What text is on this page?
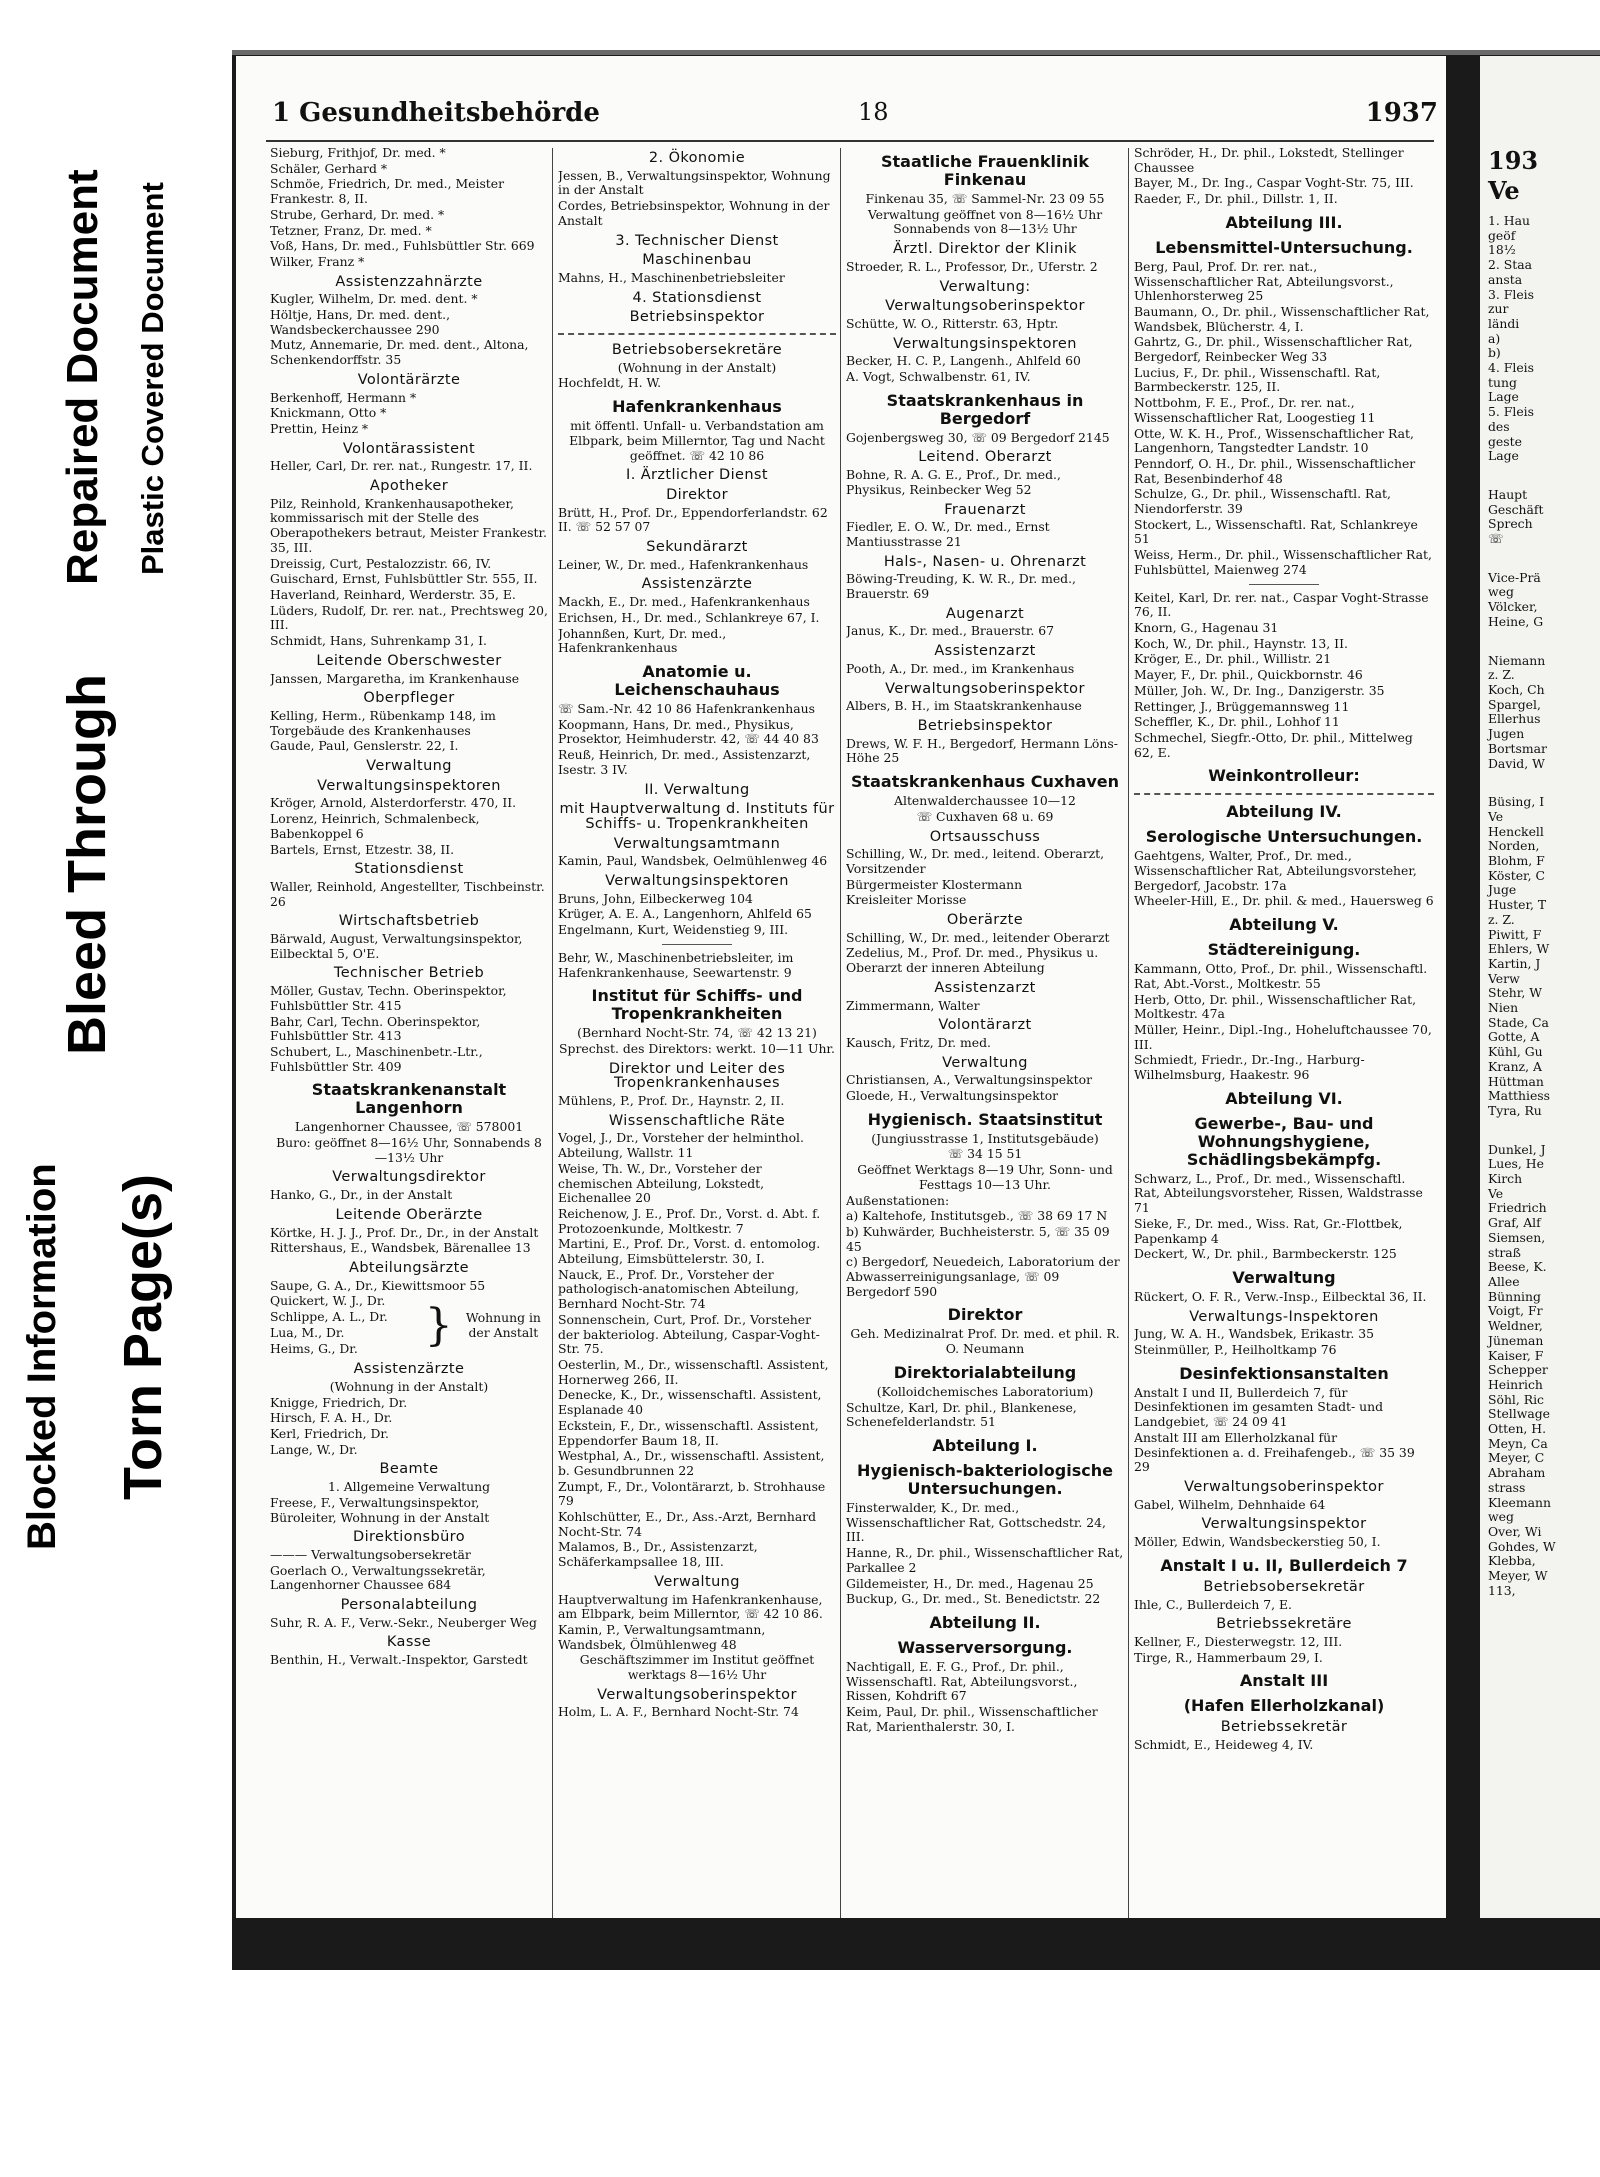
Blocked Information
Bleed Through
Repaired Document
Torn Page(s)
Plastic Covered Document
1 Gesundheitsbehörde	18	1937

Sieburg, Frithjof, Dr. med. *

Schäler, Gerhard *

Schmöe, Friedrich, Dr. med., Meister Frankestr. 8, II.

Strube, Gerhard, Dr. med. *

Tetzner, Franz, Dr. med. *

Voß, Hans, Dr. med., Fuhlsbüttler Str. 669

Wilker, Franz *

Assistenzzahnärzte

Kugler, Wilhelm, Dr. med. dent. *

Höltje, Hans, Dr. med. dent., Wandsbeckerchaussee 290

Mutz, Annemarie, Dr. med. dent., Altona, Schenkendorffstr. 35

Volontärärzte

Berkenhoff, Hermann *

Knickmann, Otto *

Prettin, Heinz *

Volontärassistent

Heller, Carl, Dr. rer. nat., Rungestr. 17, II.

Apotheker

Pilz, Reinhold, Krankenhausapotheker, kommissarisch mit der Stelle des Oberapothekers betraut, Meister Frankestr. 35, III.

Dreissig, Curt, Pestalozzistr. 66, IV.

Guischard, Ernst, Fuhlsbüttler Str. 555, II.

Haverland, Reinhard, Werderstr. 35, E.

Lüders, Rudolf, Dr. rer. nat., Prechtsweg 20, III.

Schmidt, Hans, Suhrenkamp 31, I.

Leitende Oberschwester

Janssen, Margaretha, im Krankenhause

Oberpfleger

Kelling, Herm., Rübenkamp 148, im Torgebäude des Krankenhauses

Gaude, Paul, Genslerstr. 22, I.

Verwaltung

Verwaltungsinspektoren

Kröger, Arnold, Alsterdorferstr. 470, II.

Lorenz, Heinrich, Schmalenbeck, Babenkoppel 6

Bartels, Ernst, Etzestr. 38, II.

Stationsdienst

Waller, Reinhold, Angestellter, Tischbeinstr. 26

Wirtschaftsbetrieb

Bärwald, August, Verwaltungsinspektor, Eilbecktal 5, O'E.

Technischer Betrieb

Möller, Gustav, Techn. Oberinspektor, Fuhlsbüttler Str. 415

Bahr, Carl, Techn. Oberinspektor, Fuhlsbüttler Str. 413

Schubert, L., Maschinenbetr.-Ltr., Fuhlsbüttler Str. 409

Staatskrankenanstalt Langenhorn

Langenhorner Chaussee, ☏ 578001

Buro: geöffnet 8—16½ Uhr, Sonnabends 8—13½ Uhr

Verwaltungsdirektor

Hanko, G., Dr., in der Anstalt

Leitende Oberärzte

Körtke, H. J. J., Prof. Dr., Dr., in der Anstalt

Rittershaus, E., Wandsbek, Bärenallee 13

Abteilungsärzte

Saupe, G. A., Dr., Kiewittsmoor 55

Quickert, W. J., Dr.

Schlippe, A. L., Dr.

Lua, M., Dr.

Heims, G., Dr.	}	Wohnung in der Anstalt

Assistenzärzte

(Wohnung in der Anstalt)

Knigge, Friedrich, Dr.

Hirsch, F. A. H., Dr.

Kerl, Friedrich, Dr.

Lange, W., Dr.

Beamte

1. Allgemeine Verwaltung

Freese, F., Verwaltungsinspektor, Büroleiter, Wohnung in der Anstalt

Direktionsbüro

——— Verwaltungsobersekretär

Goerlach O., Verwaltungssekretär, Langenhorner Chaussee 684

Personalabteilung

Suhr, R. A. F., Verw.-Sekr., Neuberger Weg

Kasse

Benthin, H., Verwalt.-Inspektor, Garstedt

2. Ökonomie

Jessen, B., Verwaltungsinspektor, Wohnung in der Anstalt

Cordes, Betriebsinspektor, Wohnung in der Anstalt

3. Technischer Dienst

Maschinenbau

Mahns, H., Maschinenbetriebsleiter

4. Stationsdienst

Betriebsinspektor

Betriebsobersekretäre

(Wohnung in der Anstalt)

Hochfeldt, H. W.

Hafenkrankenhaus

mit öffentl. Unfall- u. Verbandstation am Elbpark, beim Millerntor, Tag und Nacht geöffnet. ☏ 42 10 86

I. Ärztlicher Dienst

Direktor

Brütt, H., Prof. Dr., Eppendorferlandstr. 62 II. ☏ 52 57 07

Sekundärarzt

Leiner, W., Dr. med., Hafenkrankenhaus

Assistenzärzte

Mackh, E., Dr. med., Hafenkrankenhaus

Erichsen, H., Dr. med., Schlankreye 67, I.

Johannßen, Kurt, Dr. med., Hafenkrankenhaus

Anatomie u. Leichenschauhaus

☏ Sam.-Nr. 42 10 86 Hafenkrankenhaus

Koopmann, Hans, Dr. med., Physikus, Prosektor, Heimhuderstr. 42, ☏ 44 40 83

Reuß, Heinrich, Dr. med., Assistenzarzt, Isestr. 3 IV.

II. Verwaltung

mit Hauptverwaltung d. Instituts für Schiffs- u. Tropenkrankheiten

Verwaltungsamtmann

Kamin, Paul, Wandsbek, Oelmühlenweg 46

Verwaltungsinspektoren

Bruns, John, Eilbeckerweg 104

Krüger, A. E. A., Langenhorn, Ahlfeld 65

Engelmann, Kurt, Weidenstieg 9, III.

Behr, W., Maschinenbetriebsleiter, im Hafenkrankenhause, Seewartenstr. 9

Institut für Schiffs- und Tropenkrankheiten

(Bernhard Nocht-Str. 74, ☏ 42 13 21)

Sprechst. des Direktors: werkt. 10—11 Uhr.

Direktor und Leiter des Tropenkrankenhauses

Mühlens, P., Prof. Dr., Haynstr. 2, II.

Wissenschaftliche Räte

Vogel, J., Dr., Vorsteher der helminthol. Abteilung, Wallstr. 11

Weise, Th. W., Dr., Vorsteher der chemischen Abteilung, Lokstedt, Eichenallee 20

Reichenow, J. E., Prof. Dr., Vorst. d. Abt. f. Protozoenkunde, Moltkestr. 7

Martini, E., Prof. Dr., Vorst. d. entomolog. Abteilung, Eimsbüttelerstr. 30, I.

Nauck, E., Prof. Dr., Vorsteher der pathologisch-anatomischen Abteilung, Bernhard Nocht-Str. 74

Sonnenschein, Curt, Prof. Dr., Vorsteher der bakteriolog. Abteilung, Caspar-Voght-Str. 75.

Oesterlin, M., Dr., wissenschaftl. Assistent, Hornerweg 266, II.

Denecke, K., Dr., wissenschaftl. Assistent, Esplanade 40

Eckstein, F., Dr., wissenschaftl. Assistent, Eppendorfer Baum 18, II.

Westphal, A., Dr., wissenschaftl. Assistent, b. Gesundbrunnen 22

Zumpt, F., Dr., Volontärarzt, b. Strohhause 79

Kohlschütter, E., Dr., Ass.-Arzt, Bernhard Nocht-Str. 74

Malamos, B., Dr., Assistenzarzt, Schäferkampsallee 18, III.

Verwaltung

Hauptverwaltung im Hafenkrankenhause, am Elbpark, beim Millerntor, ☏ 42 10 86.

Kamin, P., Verwaltungsamtmann, Wandsbek, Ölmühlenweg 48

Geschäftszimmer im Institut geöffnet werktags 8—16½ Uhr

Verwaltungsoberinspektor

Holm, L. A. F., Bernhard Nocht-Str. 74

Staatliche Frauenklinik Finkenau

Finkenau 35, ☏ Sammel-Nr. 23 09 55

Verwaltung geöffnet von 8—16½ Uhr Sonnabends von 8—13½ Uhr

Ärztl. Direktor der Klinik

Stroeder, R. L., Professor, Dr., Uferstr. 2

Verwaltung:

Verwaltungsoberinspektor

Schütte, W. O., Ritterstr. 63, Hptr.

Verwaltungsinspektoren

Becker, H. C. P., Langenh., Ahlfeld 60

A. Vogt, Schwalbenstr. 61, IV.

Staatskrankenhaus in Bergedorf

Gojenbergsweg 30, ☏ 09 Bergedorf 2145

Leitend. Oberarzt

Bohne, R. A. G. E., Prof., Dr. med., Physikus, Reinbecker Weg 52

Frauenarzt

Fiedler, E. O. W., Dr. med., Ernst Mantiusstrasse 21

Hals-, Nasen- u. Ohrenarzt

Böwing-Treuding, K. W. R., Dr. med., Brauerstr. 69

Augenarzt

Janus, K., Dr. med., Brauerstr. 67

Assistenzarzt

Pooth, A., Dr. med., im Krankenhaus

Verwaltungsoberinspektor

Albers, B. H., im Staatskrankenhause

Betriebsinspektor

Drews, W. F. H., Bergedorf, Hermann Löns-Höhe 25

Staatskrankenhaus Cuxhaven

Altenwalderchaussee 10—12

☏ Cuxhaven 68 u. 69

Ortsausschuss

Schilling, W., Dr. med., leitend. Oberarzt, Vorsitzender

Bürgermeister Klostermann

Kreisleiter Morisse

Oberärzte

Schilling, W., Dr. med., leitender Oberarzt

Zedelius, M., Prof. Dr. med., Physikus u. Oberarzt der inneren Abteilung

Assistenzarzt

Zimmermann, Walter

Volontärarzt

Kausch, Fritz, Dr. med.

Verwaltung

Christiansen, A., Verwaltungsinspektor

Gloede, H., Verwaltungsinspektor

Hygienisch. Staatsinstitut

(Jungiusstrasse 1, Institutsgebäude)

☏ 34 15 51

Geöffnet Werktags 8—19 Uhr, Sonn- und Festtags 10—13 Uhr.

Außenstationen:

a) Kaltehofe, Institutsgeb., ☏ 38 69 17 N

b) Kuhwärder, Buchheisterstr. 5, ☏ 35 09 45

c) Bergedorf, Neuedeich, Laboratorium der Abwasserreinigungsanlage, ☏ 09 Bergedorf 590

Direktor

Geh. Medizinalrat Prof. Dr. med. et phil. R. O. Neumann

Direktorialabteilung

(Kolloidchemisches Laboratorium)

Schultze, Karl, Dr. phil., Blankenese, Schenefelderlandstr. 51

Abteilung I.

Hygienisch-bakteriologische Untersuchungen.

Finsterwalder, K., Dr. med., Wissenschaftlicher Rat, Gottschedstr. 24, III.

Hanne, R., Dr. phil., Wissenschaftlicher Rat, Parkallee 2

Gildemeister, H., Dr. med., Hagenau 25

Buckup, G., Dr. med., St. Benedictstr. 22

Abteilung II.

Wasserversorgung.

Nachtigall, E. F. G., Prof., Dr. phil., Wissenschaftl. Rat, Abteilungsvorst., Rissen, Kohdrift 67

Keim, Paul, Dr. phil., Wissenschaftlicher Rat, Marienthalerstr. 30, I.

Schröder, H., Dr. phil., Lokstedt, Stellinger Chaussee

Bayer, M., Dr. Ing., Caspar Voght-Str. 75, III.

Raeder, F., Dr. phil., Dillstr. 1, II.

Abteilung III.

Lebensmittel-Untersuchung.

Berg, Paul, Prof. Dr. rer. nat., Wissenschaftlicher Rat, Abteilungsvorst., Uhlenhorsterweg 25

Baumann, O., Dr. phil., Wissenschaftlicher Rat, Wandsbek, Blücherstr. 4, I.

Gahrtz, G., Dr. phil., Wissenschaftlicher Rat, Bergedorf, Reinbecker Weg 33

Lucius, F., Dr. phil., Wissenschaftl. Rat, Barmbeckerstr. 125, II.

Nottbohm, F. E., Prof., Dr. rer. nat., Wissenschaftlicher Rat, Loogestieg 11

Otte, W. K. H., Prof., Wissenschaftlicher Rat, Langenhorn, Tangstedter Landstr. 10

Penndorf, O. H., Dr. phil., Wissenschaftlicher Rat, Besenbinderhof 48

Schulze, G., Dr. phil., Wissenschaftl. Rat, Niendorferstr. 39

Stockert, L., Wissenschaftl. Rat, Schlankreye 51

Weiss, Herm., Dr. phil., Wissenschaftlicher Rat, Fuhlsbüttel, Maienweg 274

Keitel, Karl, Dr. rer. nat., Caspar Voght-Strasse 76, II.

Knorn, G., Hagenau 31

Koch, W., Dr. phil., Haynstr. 13, II.

Kröger, E., Dr. phil., Willistr. 21

Mayer, F., Dr. phil., Quickbornstr. 46

Müller, Joh. W., Dr. Ing., Danzigerstr. 35

Rettinger, J., Brüggemannsweg 11

Scheffler, K., Dr. phil., Lohhof 11

Schmechel, Siegfr.-Otto, Dr. phil., Mittelweg 62, E.

Weinkontrolleur:

Abteilung IV.

Serologische Untersuchungen.

Gaehtgens, Walter, Prof., Dr. med., Wissenschaftlicher Rat, Abteilungsvorsteher, Bergedorf, Jacobstr. 17a

Wheeler-Hill, E., Dr. phil. & med., Hauersweg 6

Abteilung V.

Städtereinigung.

Kammann, Otto, Prof., Dr. phil., Wissenschaftl. Rat, Abt.-Vorst., Moltkestr. 55

Herb, Otto, Dr. phil., Wissenschaftlicher Rat, Moltkestr. 47a

Müller, Heinr., Dipl.-Ing., Hoheluftchaussee 70, III.

Schmiedt, Friedr., Dr.-Ing., Harburg-Wilhelmsburg, Haakestr. 96

Abteilung VI.

Gewerbe-, Bau- und Wohnungshygiene, Schädlingsbekämpfg.

Schwarz, L., Prof., Dr. med., Wissenschaftl. Rat, Abteilungsvorsteher, Rissen, Waldstrasse 71

Sieke, F., Dr. med., Wiss. Rat, Gr.-Flottbek, Papenkamp 4

Deckert, W., Dr. phil., Barmbeckerstr. 125

Verwaltung

Rückert, O. F. R., Verw.-Insp., Eilbecktal 36, II.

Verwaltungs-Inspektoren

Jung, W. A. H., Wandsbek, Erikastr. 35

Steinmüller, P., Heilholtkamp 76

Desinfektionsanstalten

Anstalt I und II, Bullerdeich 7, für Desinfektionen im gesamten Stadt- und Landgebiet, ☏ 24 09 41

Anstalt III am Ellerholzkanal für Desinfektionen a. d. Freihafengeb., ☏ 35 39 29

Verwaltungsoberinspektor

Gabel, Wilhelm, Dehnhaide 64

Verwaltungsinspektor

Möller, Edwin, Wandsbeckerstieg 50, I.

Anstalt I u. II, Bullerdeich 7

Betriebsobersekretär

Ihle, C., Bullerdeich 7, E.

Betriebssekretäre

Kellner, F., Diesterwegstr. 12, III.

Tirge, R., Hammerbaum 29, I.

Anstalt III

(Hafen Ellerholzkanal)

Betriebssekretär

Schmidt, E., Heideweg 4, IV.

193
Ve
1. Hau
geöf
18½
2. Staa
ansta
3. Fleis
zur
ländi
a)
b)
4. Fleis
tung
Lage
5. Fleis
des
geste
Lage
Haupt
Geschäft
Sprech
☏
Vice-Prä
weg
Völcker,
Heine, G
Niemann
z. Z.
Koch, Ch
Spargel,
Ellerhus
Jugen
Bortsmar
David, W
Büsing, I
Ve
Henckell
Norden,
Blohm, F
Köster, C
Juge
Huster, T
z. Z.
Piwitt, F
Ehlers, W
Kartin, J
Verw
Stehr, W
Nien
Stade, Ca
Gotte, A
Kühl, Gu
Kranz, A
Hüttman
Matthiess
Tyra, Ru
Dunkel, J
Lues, He
Kirch
Ve
Friedrich
Graf, Alf
Siemsen,
straß
Beese, K.
Allee
Bünning
Voigt, Fr
Weldner,
Jüneman
Kaiser, F
Schepper
Heinrich
Söhl, Ric
Stellwage
Otten, H.
Meyn, Ca
Meyer, C
Abraham
strass
Kleemann
weg
Over, Wi
Gohdes, W
Klebba,
Meyer, W
113,
